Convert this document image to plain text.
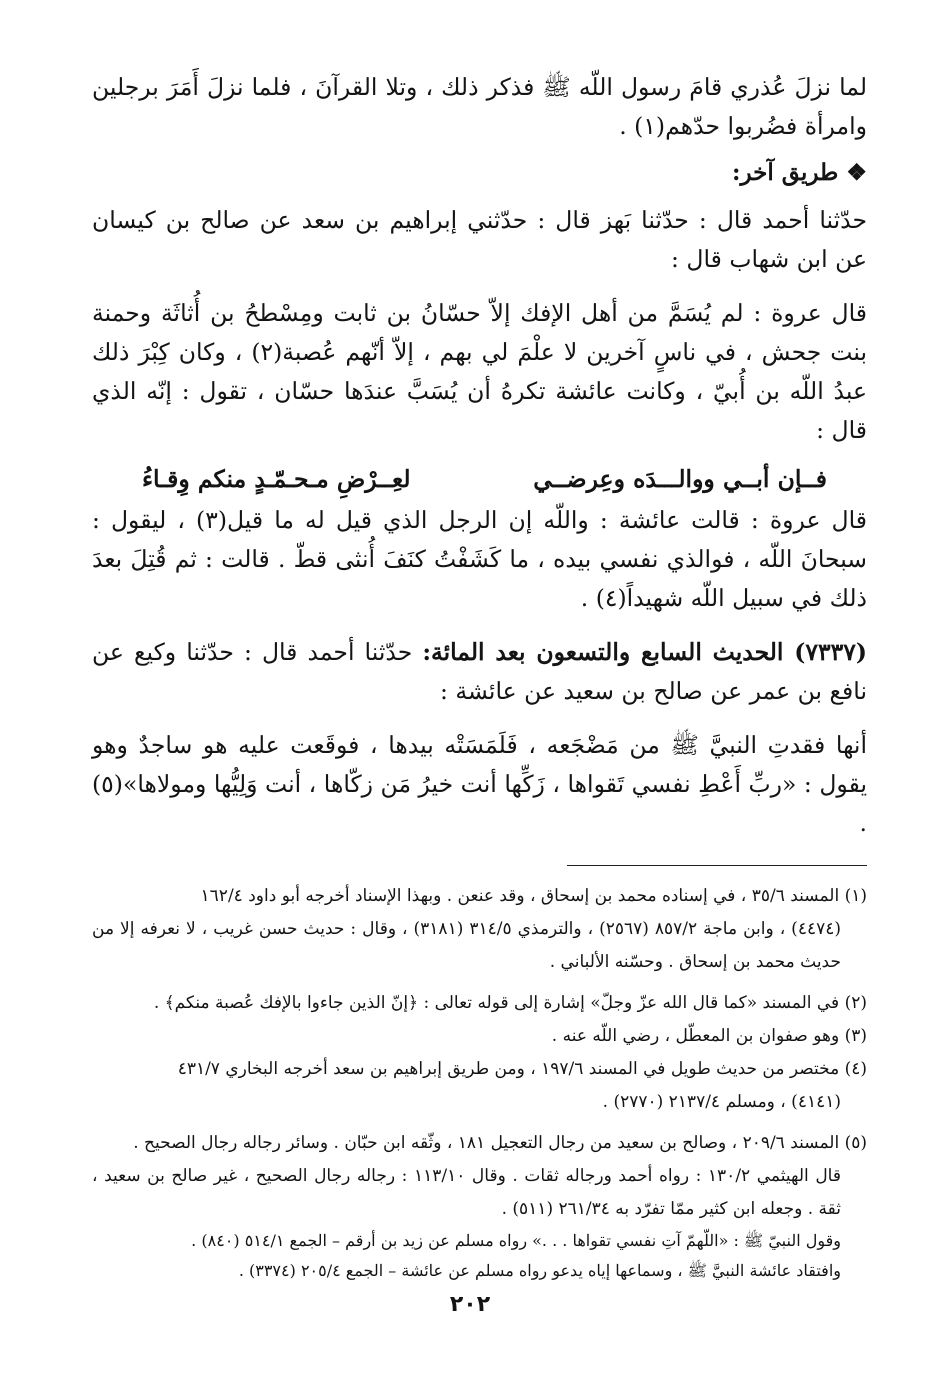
لما نزلَ عُذري قامَ رسول اللّه ﷺ فذكر ذلك ، وتلا القرآنَ ، فلما نزلَ أَمَرَ برجلين وامرأة فضُربوا حدّهم(١) .

❖ طريق آخر:

حدّثنا أحمد قال : حدّثنا بَهز قال : حدّثني إبراهيم بن سعد عن صالح بن كيسان عن ابن شهاب قال :

قال عروة : لم يُسَمَّ من أهل الإفك إلاّ حسّانُ بن ثابت ومِسْطحُ بن أُثاثَة وحمنة بنت جحش ، في ناسٍ آخرين لا علْمَ لي بهم ، إلاّ أنّهم عُصبة(٢) ، وكان كِبْرَ ذلك عبدُ اللّه بن أُبيّ ، وكانت عائشة تكرهُ أن يُسَبَّ عندَها حسّان ، تقول : إنّه الذي قال :

فــإن أبــي ووالـــدَه وعِرضــي
لعِــرْضِ مـحـمّـدٍ منكم وِقـاءُ

قال عروة : قالت عائشة : واللّه إن الرجل الذي قيل له ما قيل(٣) ، ليقول : سبحانَ اللّه ، فوالذي نفسي بيده ، ما كَشَفْتُ كنَفَ أُنثى قطّ . قالت : ثم قُتِلَ بعدَ ذلك في سبيل اللّه شهيداً(٤) .

(٧٣٣٧) الحديث السابع والتسعون بعد المائة: حدّثنا أحمد قال : حدّثنا وكيع عن نافع بن عمر عن صالح بن سعيد عن عائشة :

أنها فقدتِ النبيَّ ﷺ من مَضْجَعه ، فَلَمَسَتْه بيدها ، فوقَعت عليه هو ساجدٌ وهو يقول : «ربِّ أَعْطِ نفسي تَقواها ، زَكِّها أنت خيرُ مَن زكّاها ، أنت وَلِيُّها ومولاها»(٥) .

(١) المسند ٣٥/٦ ، في إسناده محمد بن إسحاق ، وقد عنعن . وبهذا الإسناد أخرجه أبو داود ١٦٢/٤

(٤٤٧٤) ، وابن ماجة ٨٥٧/٢ (٢٥٦٧) ، والترمذي ٣١٤/٥ (٣١٨١) ، وقال : حديث حسن غريب ، لا نعرفه إلا من حديث محمد بن إسحاق . وحسّنه الألباني .

(٢) في المسند «كما قال الله عزّ وجلّ» إشارة إلى قوله تعالى : ﴿إنّ الذين جاءوا بالإفك عُصبة منكم﴾ .

(٣) وهو صفوان بن المعطّل ، رضي اللّه عنه .

(٤) مختصر من حديث طويل في المسند ١٩٧/٦ ، ومن طريق إبراهيم بن سعد أخرجه البخاري ٤٣١/٧

(٤١٤١) ، ومسلم ٢١٣٧/٤ (٢٧٧٠) .

(٥) المسند ٢٠٩/٦ ، وصالح بن سعيد من رجال التعجيل ١٨١ ، وثّقه ابن حبّان . وسائر رجاله رجال الصحيح .

قال الهيثمي ١٣٠/٢ : رواه أحمد ورجاله ثقات . وقال ١١٣/١٠ : رجاله رجال الصحيح ، غير صالح بن سعيد ، ثقة . وجعله ابن كثير ممّا تفرّد به ٢٦١/٣٤ (٥١١) .

وقول النبيّ ﷺ : «اللّهمّ آتِ نفسي تقواها . . .» رواه مسلم عن زيد بن أرقم – الجمع ٥١٤/١ (٨٤٠) .

وافتقاد عائشة النبيَّ ﷺ ، وسماعها إياه يدعو رواه مسلم عن عائشة – الجمع ٢٠٥/٤ (٣٣٧٤) .

٢٠٢
